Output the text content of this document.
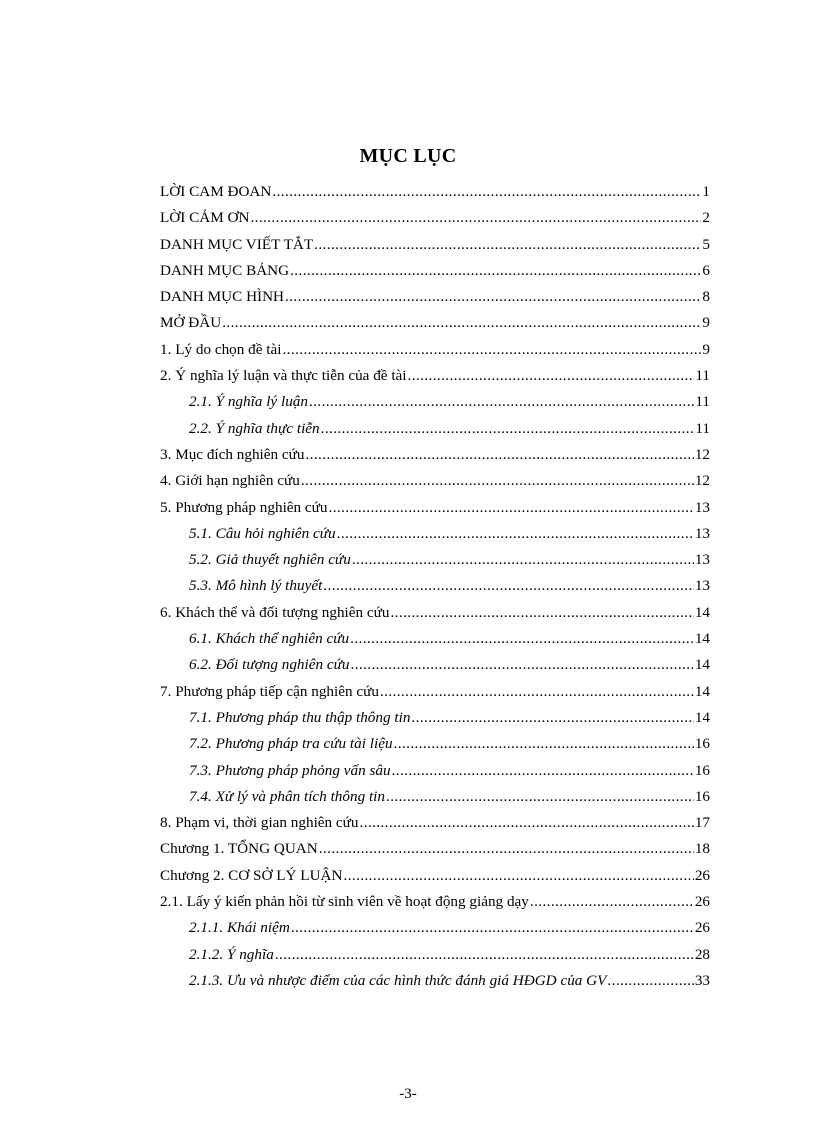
MỤC LỤC
LỜI CAM ĐOAN .....	1
LỜI CẢM ƠN .....	2
DANH MỤC VIẾT TẮT .....	5
DANH MỤC BẢNG .....	6
DANH MỤC HÌNH .....	8
MỞ ĐẦU .....	9
1. Lý do chọn đề tài .....	9
2. Ý nghĩa lý luận và thực tiễn của đề tài .....	11
2.1. Ý nghĩa lý luận .....	11
2.2. Ý nghĩa thực tiễn .....	11
3. Mục đích nghiên cứu .....	12
4. Giới hạn nghiên cứu .....	12
5. Phương pháp nghiên cứu .....	13
5.1. Câu hỏi nghiên cứu .....	13
5.2. Giả thuyết nghiên cứu .....	13
5.3. Mô hình lý thuyết .....	13
6. Khách thể và đối tượng nghiên cứu .....	14
6.1. Khách thể nghiên cứu .....	14
6.2. Đối tượng nghiên cứu .....	14
7. Phương pháp tiếp cận nghiên cứu .....	14
7.1. Phương pháp thu thập thông tin .....	14
7.2. Phương pháp tra cứu tài liệu .....	16
7.3. Phương pháp phỏng vấn sâu .....	16
7.4. Xử lý và phân tích thông tin .....	16
8. Phạm vi, thời gian nghiên cứu .....	17
Chương 1. TỔNG QUAN .....	18
Chương 2. CƠ SỞ LÝ LUẬN .....	26
2.1. Lấy ý kiến phản hồi từ sinh viên về hoạt động giảng dạy .....	26
2.1.1. Khái niệm .....	26
2.1.2. Ý nghĩa .....	28
2.1.3. Ưu và nhược điểm của các hình thức đánh giá HĐGD của GV .....	33
-3-
